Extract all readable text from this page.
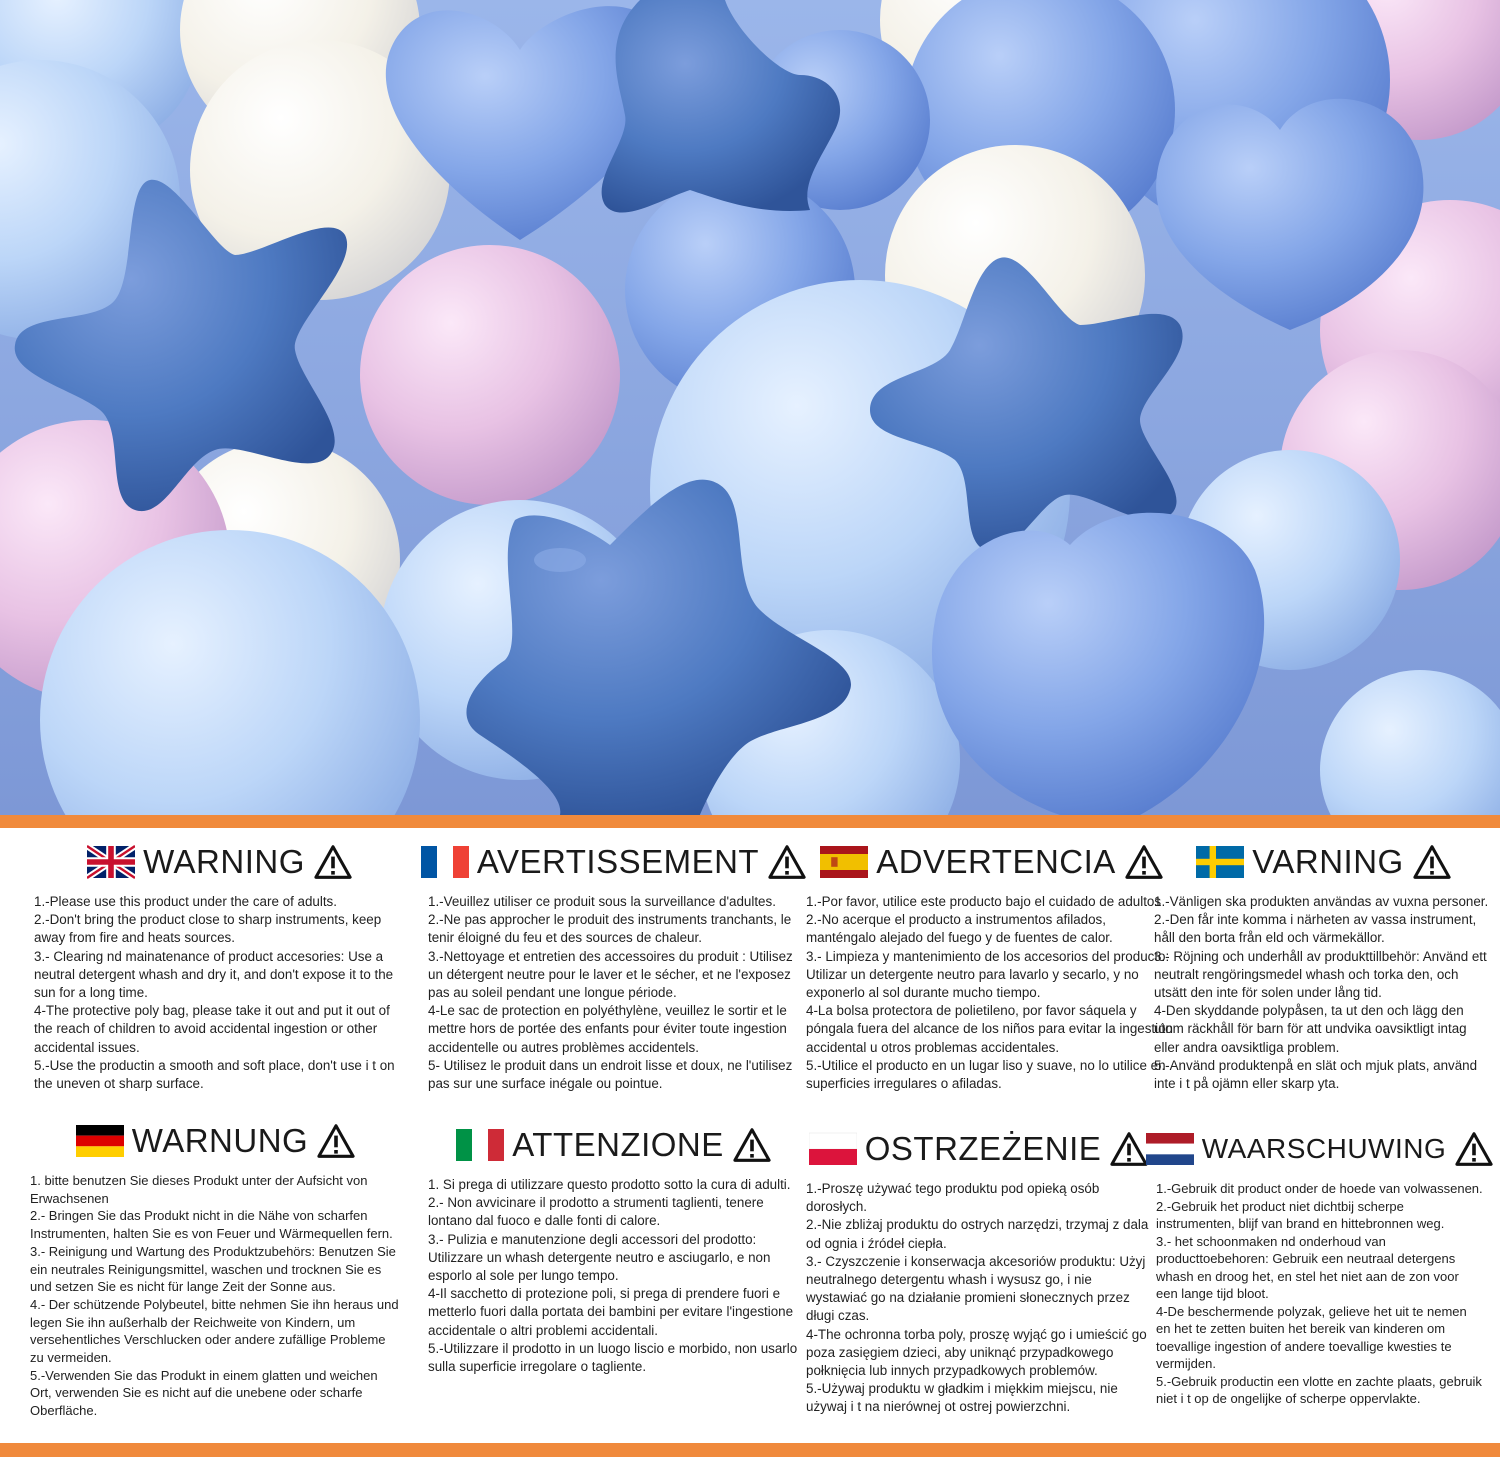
WARNING

1.-Please use this product under the care of adults.

2.-Don't bring the product close to sharp instruments, keep away from fire and heats sources.

3.- Clearing nd mainatenance of product accesories: Use a neutral detergent whash and dry it, and don't expose it to the sun for a long time.

4-The protective poly bag, please take it out and put it out of the reach of children to avoid accidental ingestion or other accidental issues.

5.-Use the productin a smooth and soft place, don't use i t on the uneven ot sharp surface.

AVERTISSEMENT

1.-Veuillez utiliser ce produit sous la surveillance d'adultes.

2.-Ne pas approcher le produit des instruments tranchants, le tenir éloigné du feu et des sources de chaleur.

3.-Nettoyage et entretien des accessoires du produit : Utilisez un détergent neutre pour le laver et le sécher, et ne l'exposez pas au soleil pendant une longue période.

4-Le sac de protection en polyéthylène, veuillez le sortir et le mettre hors de portée des enfants pour éviter toute ingestion accidentelle ou autres problèmes accidentels.

5- Utilisez le produit dans un endroit lisse et doux, ne l'utilisez pas sur une surface inégale ou pointue.

ADVERTENCIA

1.-Por favor, utilice este producto bajo el cuidado de adultos

2.-No acerque el producto a instrumentos afilados, manténgalo alejado del fuego y de fuentes de calor.

3.- Limpieza y mantenimiento de los accesorios del producto: Utilizar un detergente neutro para lavarlo y secarlo, y no exponerlo al sol durante mucho tiempo.

4-La bolsa protectora de polietileno, por favor sáquela y póngala fuera del alcance de los niños para evitar la ingestión accidental u otros problemas accidentales.

5.-Utilice el producto en un lugar liso y suave, no lo utilice en superficies irregulares o afiladas.

VARNING

1.-Vänligen ska produkten användas av vuxna personer.

2.-Den får inte komma i närheten av vassa instrument, håll den borta från eld och värmekällor.

3.- Röjning och underhåll av produkttillbehör: Använd ett neutralt rengöringsmedel whash och torka den, och utsätt den inte för solen under lång tid.

4-Den skyddande polypåsen, ta ut den och lägg den utom räckhåll för barn för att undvika oavsiktligt intag eller andra oavsiktliga problem.

5.-Använd produktenpå en slät och mjuk plats, använd inte i t på ojämn eller skarp yta.

WARNUNG

1. bitte benutzen Sie dieses Produkt unter der Aufsicht von Erwachsenen

2.- Bringen Sie das Produkt nicht in die Nähe von scharfen Instrumenten, halten Sie es von Feuer und Wärmequellen fern.

3.- Reinigung und Wartung des Produktzubehörs: Benutzen Sie ein neutrales Reinigungsmittel, waschen und trocknen Sie es und setzen Sie es nicht für lange Zeit der Sonne aus.

4.- Der schützende Polybeutel, bitte nehmen Sie ihn heraus und legen Sie ihn außerhalb der Reichweite von Kindern, um versehentliches Verschlucken oder andere zufällige Probleme zu vermeiden.

5.-Verwenden Sie das Produkt in einem glatten und weichen Ort, verwenden Sie es nicht auf die unebene oder scharfe Oberfläche.

ATTENZIONE

1. Si prega di utilizzare questo prodotto sotto la cura di adulti.

2.- Non avvicinare il prodotto a strumenti taglienti, tenere lontano dal fuoco e dalle fonti di calore.

3.- Pulizia e manutenzione degli accessori del prodotto: Utilizzare un whash detergente neutro e asciugarlo, e non esporlo al sole per lungo tempo.

4-Il sacchetto di protezione poli, si prega di prendere fuori e metterlo fuori dalla portata dei bambini per evitare l'ingestione accidentale o altri problemi accidentali.

5.-Utilizzare il prodotto in un luogo liscio e morbido, non usarlo sulla superficie irregolare o tagliente.

OSTRZEŻENIE

1.-Proszę używać tego produktu pod opieką osób dorosłych.

2.-Nie zbliżaj produktu do ostrych narzędzi, trzymaj z dala od ognia i źródeł ciepła.

3.- Czyszczenie i konserwacja akcesoriów produktu: Użyj neutralnego detergentu whash i wysusz go, i nie wystawiać go na działanie promieni słonecznych przez długi czas.

4-The ochronna torba poly, proszę wyjąć go i umieścić go poza zasięgiem dzieci, aby uniknąć przypadkowego połknięcia lub innych przypadkowych problemów.

5.-Używaj produktu w gładkim i miękkim miejscu, nie używaj i t na nierównej ot ostrej powierzchni.

WAARSCHUWING

1.-Gebruik dit product onder de hoede van volwassenen.

2.-Gebruik het product niet dichtbij scherpe instrumenten, blijf van brand en hittebronnen weg.

3.- het schoonmaken nd onderhoud van producttoebehoren: Gebruik een neutraal detergens whash en droog het, en stel het niet aan de zon voor een lange tijd bloot.

4-De beschermende polyzak, gelieve het uit te nemen en het te zetten buiten het bereik van kinderen om toevallige ingestion of andere toevallige kwesties te vermijden.

5.-Gebruik productin een vlotte en zachte plaats, gebruik niet i t op de ongelijke of scherpe oppervlakte.
